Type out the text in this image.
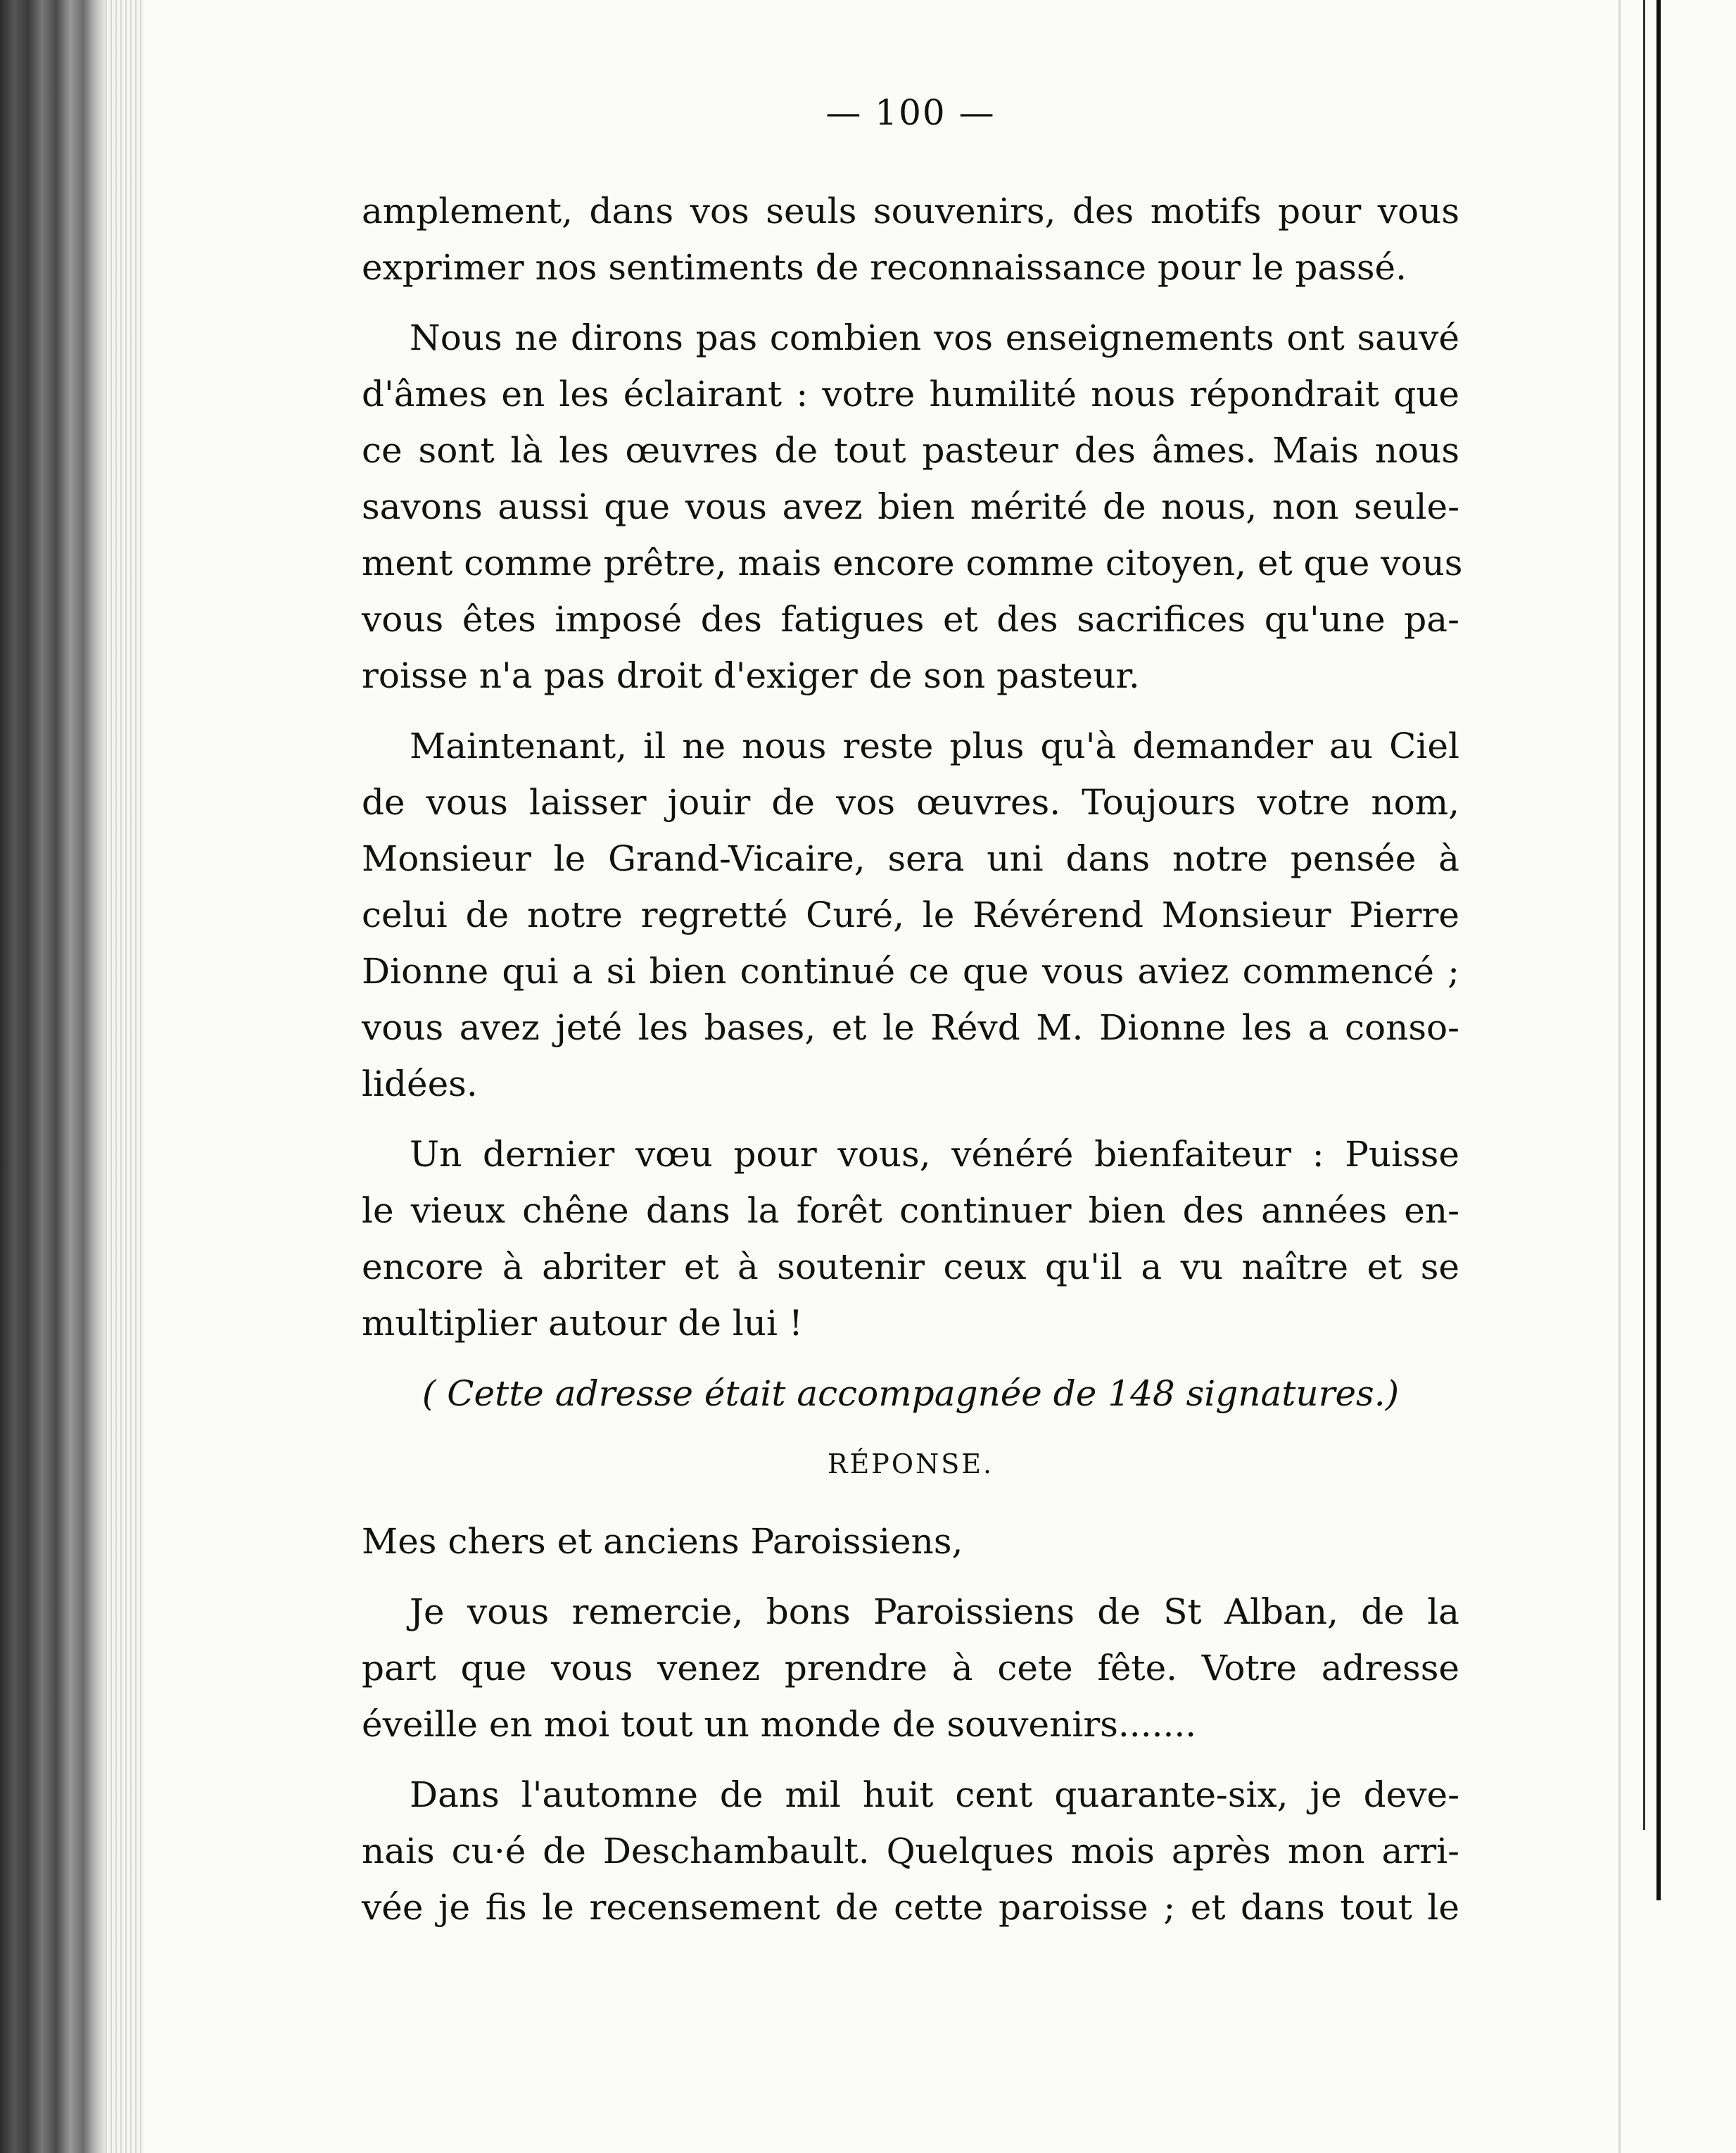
— 100 —
amplement, dans vos seuls souvenirs, des motifs pour vous
exprimer nos sentiments de reconnaissance pour le passé.
Nous ne dirons pas combien vos enseignements ont sauvé
d'âmes en les éclairant : votre humilité nous répondrait que
ce sont là les œuvres de tout pasteur des âmes. Mais nous
savons aussi que vous avez bien mérité de nous, non seule-
ment comme prêtre, mais encore comme citoyen, et que vous
vous êtes imposé des fatigues et des sacrifices qu'une pa-
roisse n'a pas droit d'exiger de son pasteur.
Maintenant, il ne nous reste plus qu'à demander au Ciel
de vous laisser jouir de vos œuvres. Toujours votre nom,
Monsieur le Grand-Vicaire, sera uni dans notre pensée à
celui de notre regretté Curé, le Révérend Monsieur Pierre
Dionne qui a si bien continué ce que vous aviez commencé ;
vous avez jeté les bases, et le Révd M. Dionne les a conso-
lidées.
Un dernier vœu pour vous, vénéré bienfaiteur : Puisse
le vieux chêne dans la forêt continuer bien des années en-
encore à abriter et à soutenir ceux qu'il a vu naître et se
multiplier autour de lui !
( Cette adresse était accompagnée de 148 signatures.)
RÉPONSE.
Mes chers et anciens Paroissiens,
Je vous remercie, bons Paroissiens de St Alban, de la
part que vous venez prendre à cete fête. Votre adresse
éveille en moi tout un monde de souvenirs.......
Dans l'automne de mil huit cent quarante-six, je deve-
nais cu·é de Deschambault. Quelques mois après mon arri-
vée je fis le recensement de cette paroisse ; et dans tout le
